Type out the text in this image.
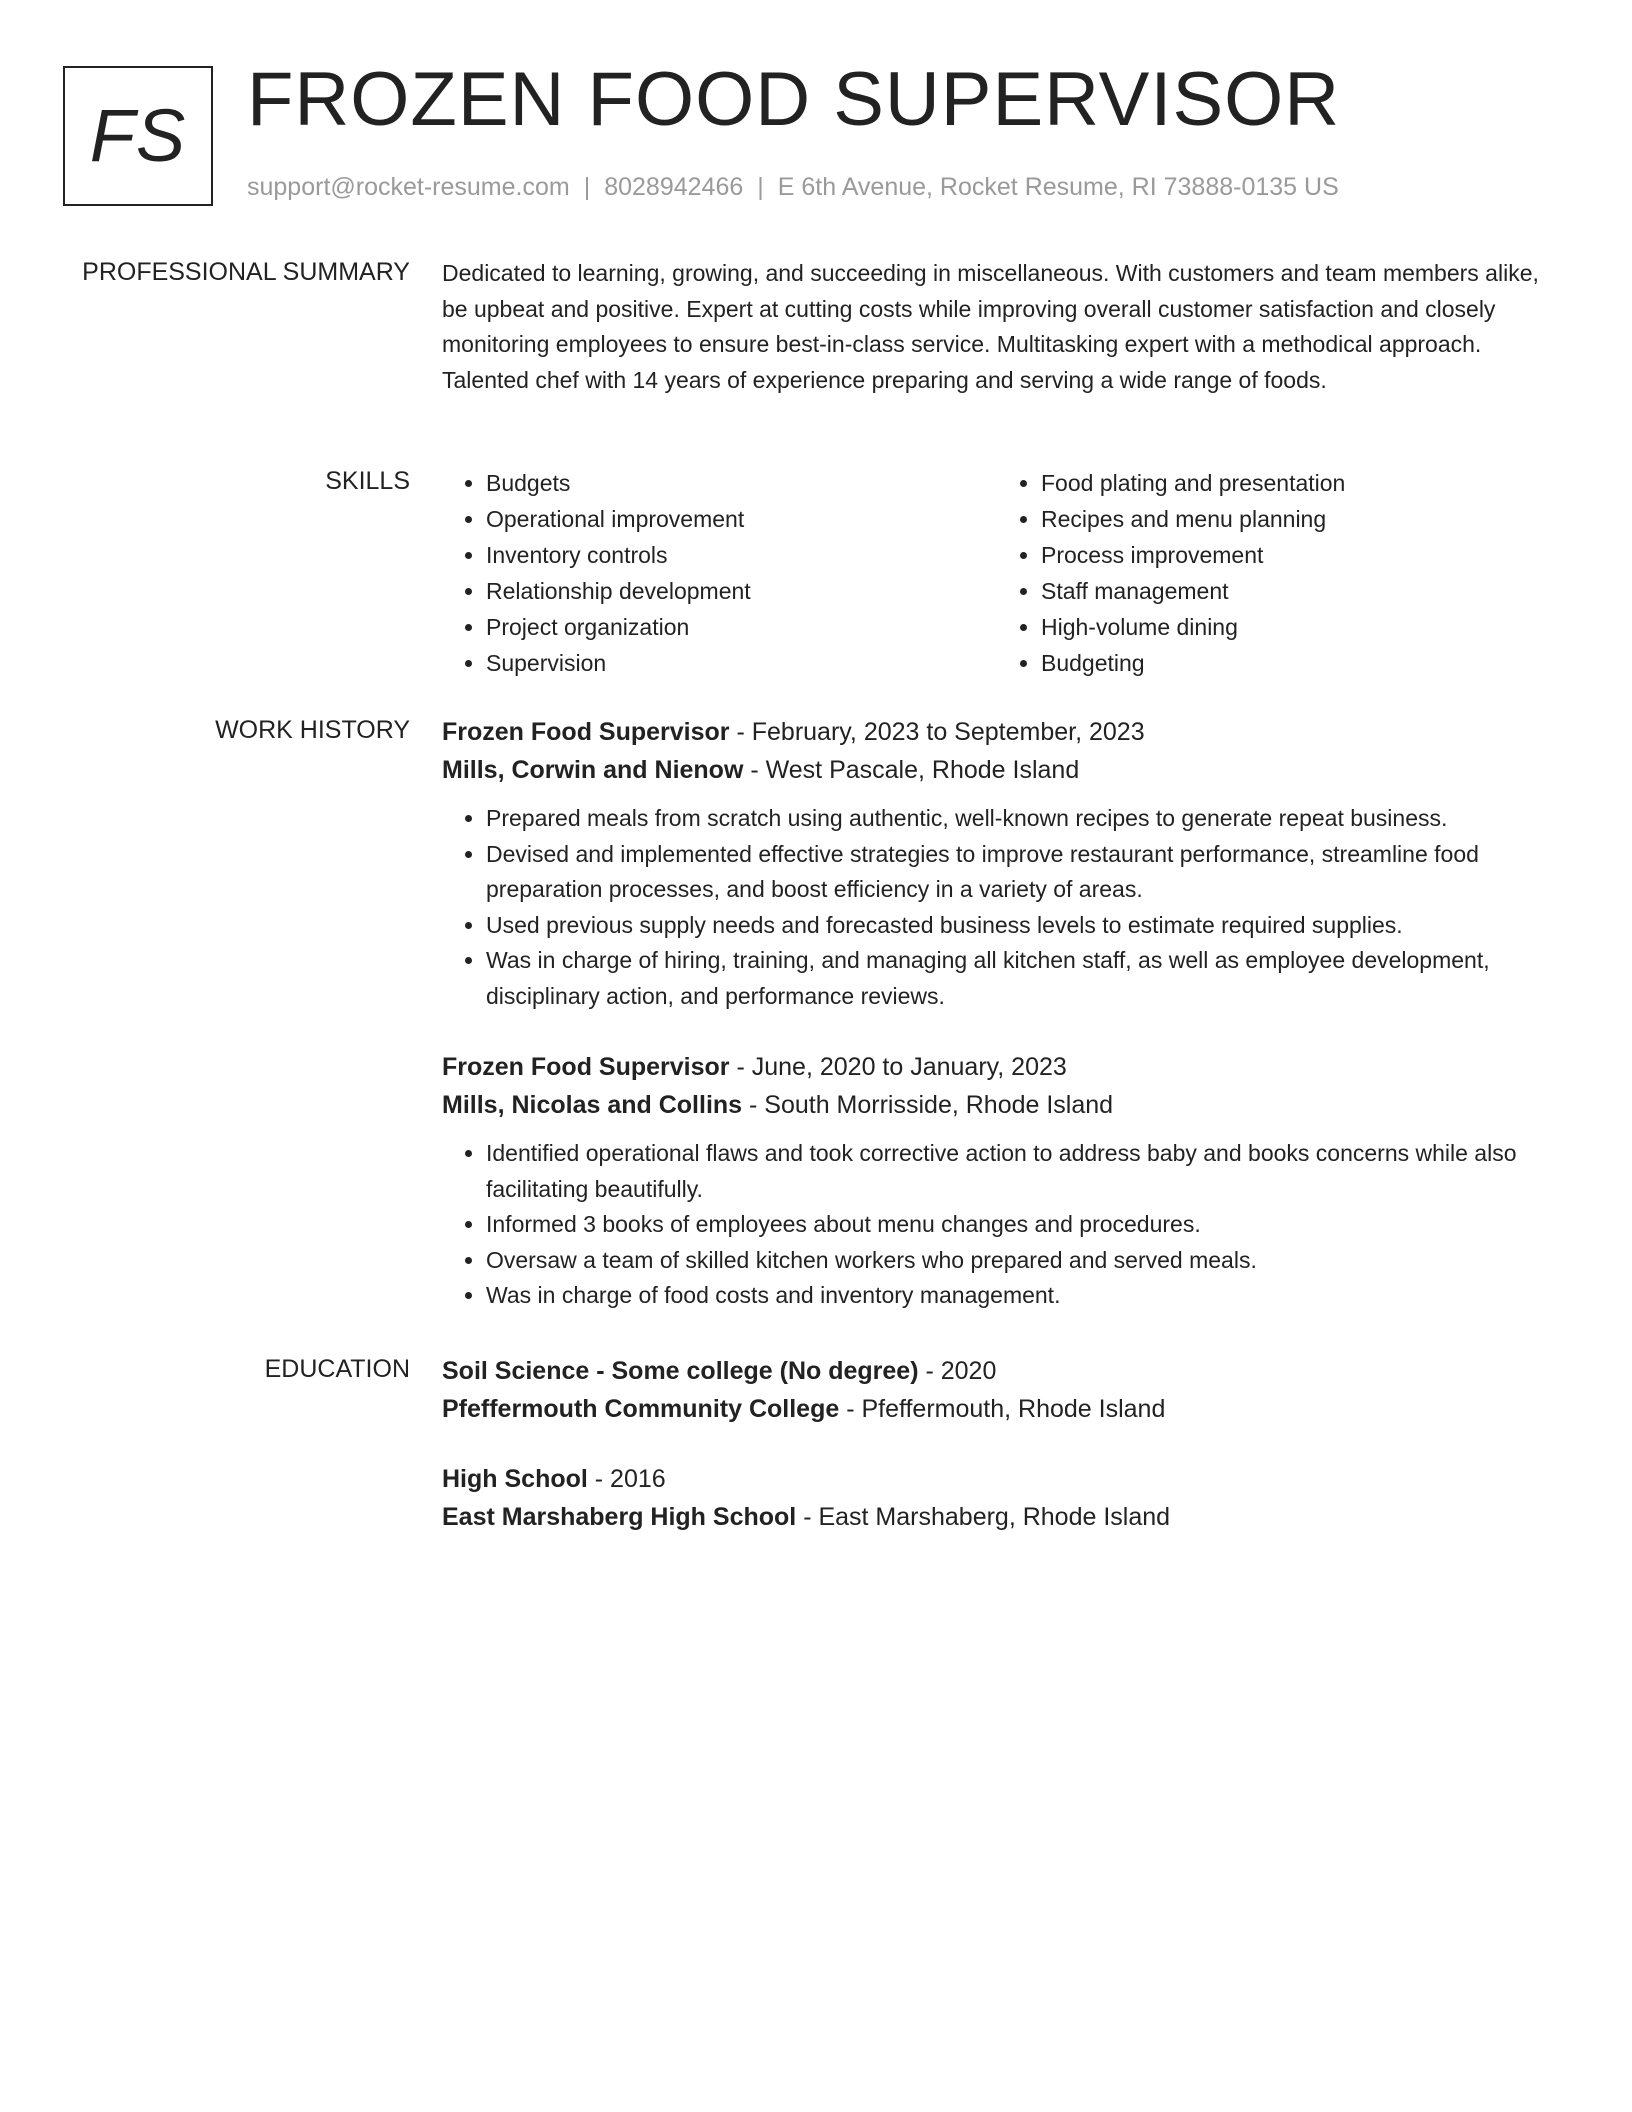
FS FROZEN FOOD SUPERVISOR
support@rocket-resume.com | 8028942466 | E 6th Avenue, Rocket Resume, RI 73888-0135 US
PROFESSIONAL SUMMARY Dedicated to learning, growing, and succeeding in miscellaneous. With customers and team members alike, be upbeat and positive. Expert at cutting costs while improving overall customer satisfaction and closely monitoring employees to ensure best-in-class service. Multitasking expert with a methodical approach. Talented chef with 14 years of experience preparing and serving a wide range of foods.

SKILLS
•	Budgets
• Operational improvement
• Inventory controls
• Relationship development
• Project organization
• Supervision
• Food plating and presentation
• Recipes and menu planning
• Process improvement
• Staff management
• High-volume dining
• Budgeting
WORK HISTORY Frozen Food Supervisor - February, 2023 to September, 2023
Mills, Corwin and Nienow - West Pascale, Rhode Island
• Prepared meals from scratch using authentic, well-known recipes to generate repeat business.
• Devised and implemented effective strategies to improve restaurant performance, streamline food preparation processes, and boost efficiency in a variety of areas.
• Used previous supply needs and forecasted business levels to estimate required supplies.
• Was in charge of hiring, training, and managing all kitchen staff, as well as employee development, disciplinary action, and performance reviews.
Frozen Food Supervisor - June, 2020 to January, 2023
Mills, Nicolas and Collins - South Morrisside, Rhode Island
• Identified operational flaws and took corrective action to address baby and books concerns while also facilitating beautifully.
• Informed 3 books of employees about menu changes and procedures.
• Oversaw a team of skilled kitchen workers who prepared and served meals.
• Was in charge of food costs and inventory management.
EDUCATION Soil Science - Some college (No degree) - 2020
Pfeffermouth Community College - Pfeffermouth, Rhode Island
High School - 2016
East Marshaberg High School - East Marshaberg, Rhode Island
